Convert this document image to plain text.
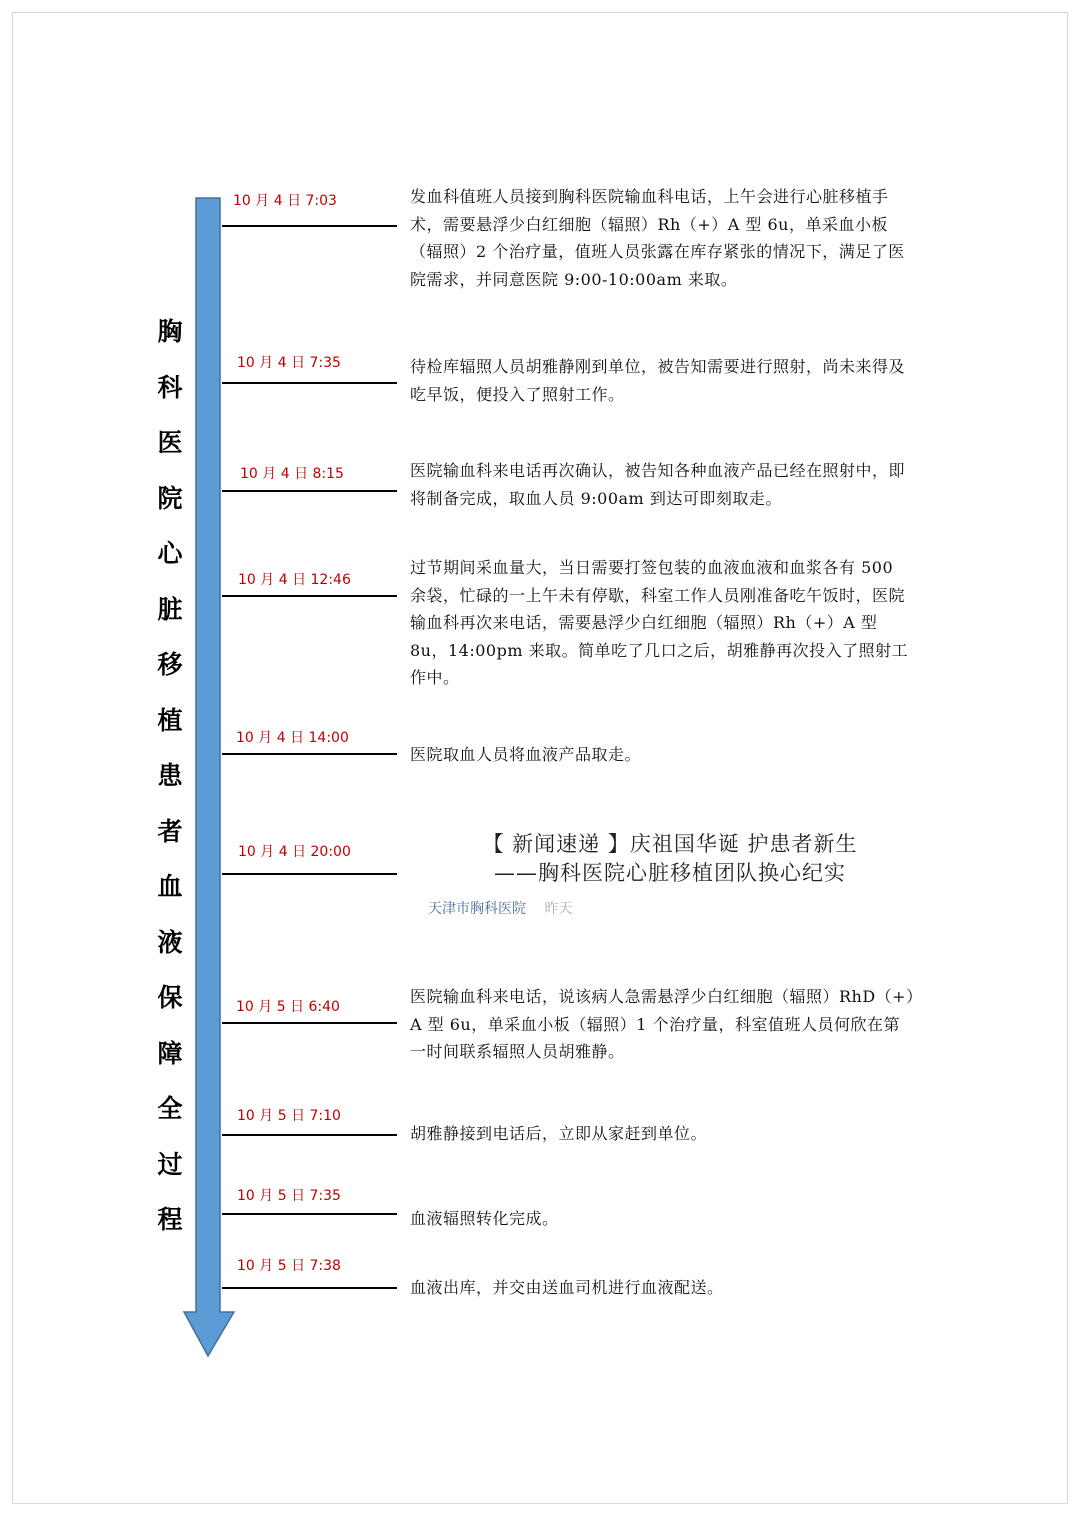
胸
科
医
院
心
脏
移
植
患
者
血
液
保
障
全
过
程
10 月 4 日 7:03	发血科值班人员接到胸科医院输血科电话，上午会进行心脏移植手术，需要悬浮少白红细胞（辐照）Rh（+）A 型 6u，单采血小板（辐照）2 个治疗量，值班人员张露在库存紧张的情况下，满足了医院需求，并同意医院 9:00-10:00am 来取。
10 月 4 日 7:35	待检库辐照人员胡雅静刚到单位，被告知需要进行照射，尚未来得及吃早饭，便投入了照射工作。
10 月 4 日 8:15	医院输血科来电话再次确认，被告知各种血液产品已经在照射中，即将制备完成，取血人员 9:00am 到达可即刻取走。
10 月 4 日 12:46
过节期间采血量大，当日需要打签包装的血液血液和血浆各有 500 余袋，忙碌的一上午未有停歇，科室工作人员刚准备吃午饭时，医院输血科再次来电话，需要悬浮少白红细胞（辐照）Rh（+）A 型 8u，14:00pm 来取。简单吃了几口之后，胡雅静再次投入了照射工作中。
10 月 4 日 14:00
医院取血人员将血液产品取走。
10 月 4 日 20:00	【 新闻速递 】庆祖国华诞 护患者新生
——胸科医院心脏移植团队换心纪实
天津市胸科医院 昨天
10 月 5 日 6:40
医院输血科来电话，说该病人急需悬浮少白红细胞（辐照）RhD（+）A 型 6u，单采血小板（辐照）1 个治疗量，科室值班人员何欣在第一时间联系辐照人员胡雅静。
10 月 5 日 7:10
胡雅静接到电话后，立即从家赶到单位。
10 月 5 日 7:35
血液辐照转化完成。
10 月 5 日 7:38
血液出库，并交由送血司机进行血液配送。
